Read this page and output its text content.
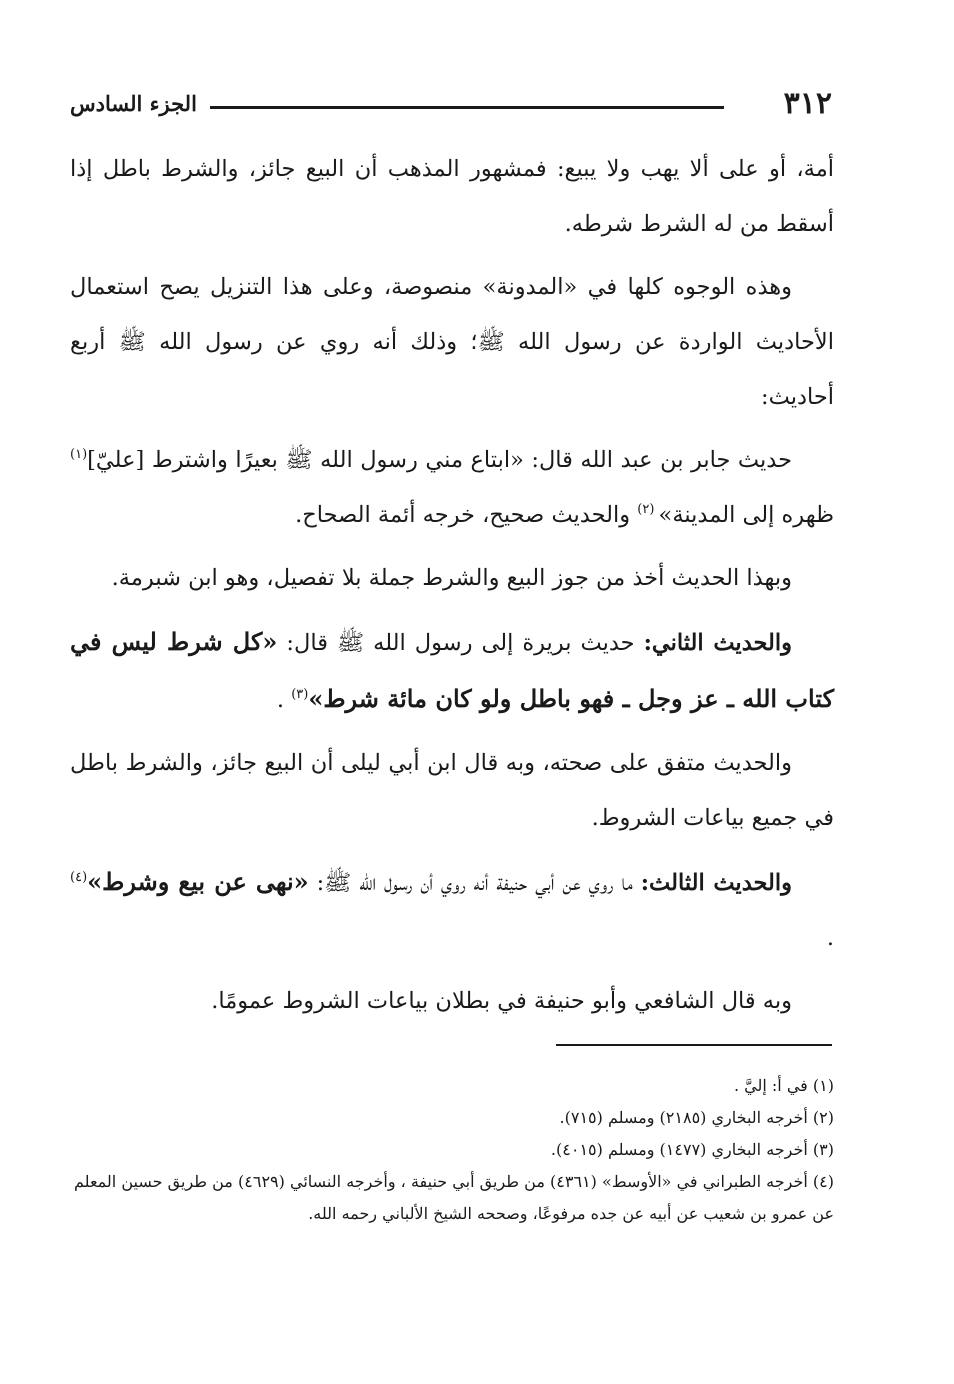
٣١٢
الجزء السادس

أمة، أو على ألا يهب ولا يبيع: فمشهور المذهب أن البيع جائز، والشرط باطل إذا أسقط من له الشرط شرطه.

وهذه الوجوه كلها في «المدونة» منصوصة، وعلى هذا التنزيل يصح استعمال الأحاديث الواردة عن رسول الله ﷺ؛ وذلك أنه روي عن رسول الله ﷺ أربع أحاديث:

حديث جابر بن عبد الله قال: «ابتاع مني رسول الله ﷺ بعيرًا واشترط [عليّ]$^{(١)}$ ظهره إلى المدينة» $^{(٢)}$ والحديث صحيح، خرجه أئمة الصحاح.

وبهذا الحديث أخذ من جوز البيع والشرط جملة بلا تفصيل، وهو ابن شبرمة.

والحديث الثاني: حديث بريرة إلى رسول الله ﷺ قال: «كل شرط ليس في كتاب الله ـ عز وجل ـ فهو باطل ولو كان مائة شرط»$^{(٣)}$ .

والحديث متفق على صحته، وبه قال ابن أبي ليلى أن البيع جائز، والشرط باطل في جميع بياعات الشروط.

والحديث الثالث: ما روي عن أبي حنيفة أنه روي أن رسول الله ﷺ: «نهى عن بيع وشرط»$^{(٤)}$ .

وبه قال الشافعي وأبو حنيفة في بطلان بياعات الشروط عمومًا.

(١) في أ: إليَّ .

(٢) أخرجه البخاري (٢١٨٥) ومسلم (٧١٥).

(٣) أخرجه البخاري (١٤٧٧) ومسلم (٤٠١٥).

(٤) أخرجه الطبراني في «الأوسط» (٤٣٦١) من طريق أبي حنيفة ، وأخرجه النسائي (٤٦٢٩) من طريق حسين المعلم عن عمرو بن شعيب عن أبيه عن جده مرفوعًا، وصححه الشيخ الألباني رحمه الله.
